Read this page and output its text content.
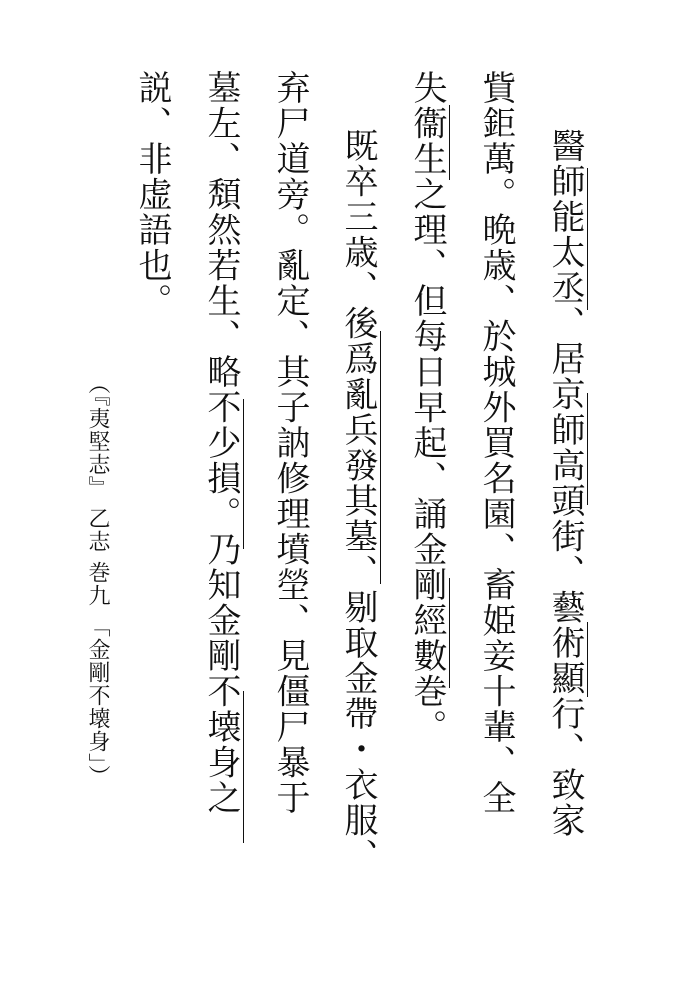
醫師能太丞、居京師高頭街、藝術顯行、致家
貲鉅萬。晩歳、於城外買名園、畜姫妾十輩、全
失衞生之理、但每日早起、誦金剛經數巻。
既卒三歳、後爲亂兵發其墓、剔取金帶・衣服、
弃尸道旁。亂定、其子訥修理墳塋、見僵尸暴于
墓左、頽然若生、略不少損。乃知金剛不壊身之
説、非虚語也。
（『夷堅志』 乙志 巻九 「金剛不壊身」）
